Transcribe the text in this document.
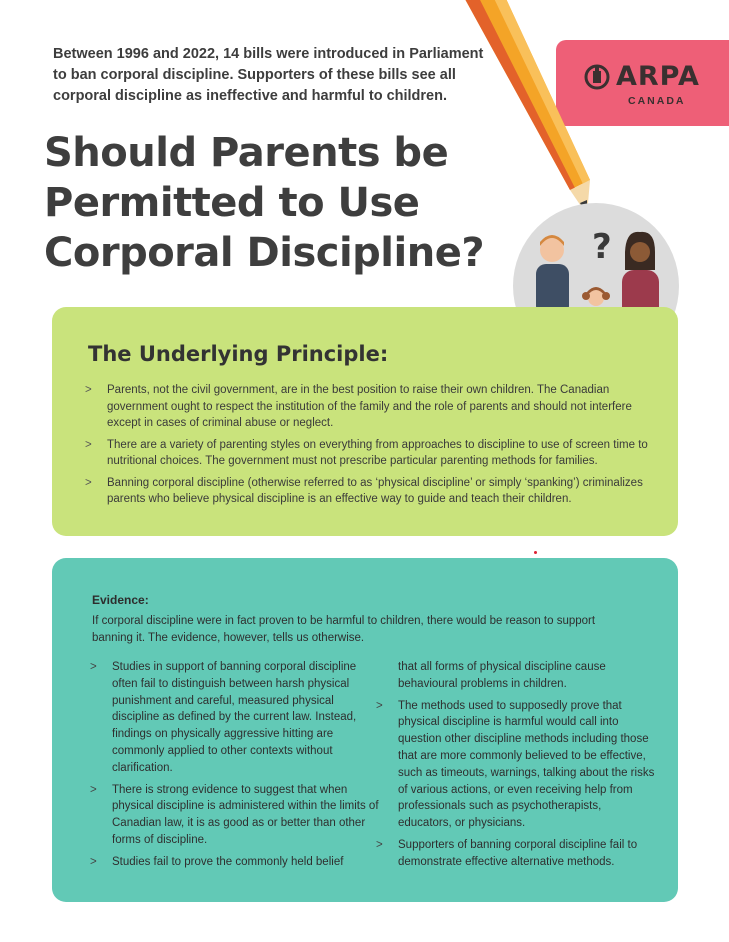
Between 1996 and 2022, 14 bills were introduced in Parliament to ban corporal discipline. Supporters of these bills see all corporal discipline as ineffective and harmful to children.

ARPA
CANADA
Should Parents be
Permitted to Use
Corporal Discipline?	?
The Underlying Principle:
> Parents, not the civil government, are in the best position to raise their own children. The Canadian government ought to respect the institution of the family and the role of parents and should not interfere except in cases of criminal abuse or neglect.
> There are a variety of parenting styles on everything from approaches to discipline to use of screen time to nutritional choices. The government must not prescribe particular parenting methods for families.
> Banning corporal discipline (otherwise referred to as ‘physical discipline’ or simply ‘spanking’) criminalizes parents who believe physical discipline is an effective way to guide and teach their children.
Evidence:

If corporal discipline were in fact proven to be harmful to children, there would be reason to support banning it. The evidence, however, tells us otherwise.

> Studies in support of banning corporal discipline often fail to distinguish between harsh physical punishment and careful, measured physical discipline as defined by the current law. Instead, findings on physically aggressive hitting are commonly applied to other contexts without clarification.
> There is strong evidence to suggest that when physical discipline is administered within the limits of Canadian law, it is as good as or better than other forms of discipline.
> Studies fail to prove the commonly held belief
that all forms of physical discipline cause behavioural problems in children.
> The methods used to supposedly prove that physical discipline is harmful would call into question other discipline methods including those that are more commonly believed to be effective, such as timeouts, warnings, talking about the risks of various actions, or even receiving help from professionals such as psychotherapists, educators, or physicians.
> Supporters of banning corporal discipline fail to demonstrate effective alternative methods.
